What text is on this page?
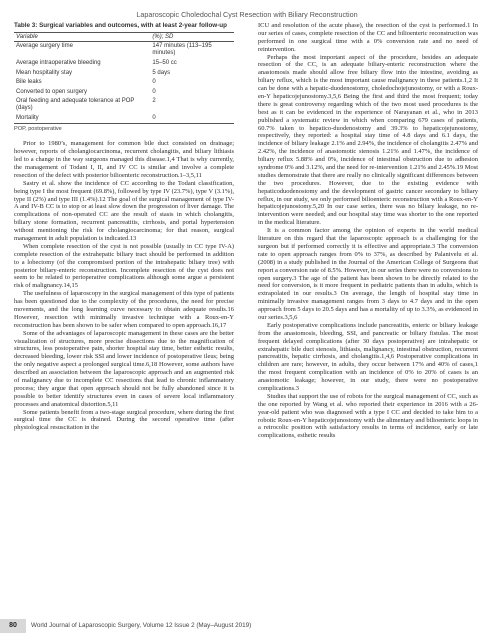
Laparoscopic Choledochal Cyst Resection with Biliary Reconstruction
Table 3: Surgical variables and outcomes, with at least 2-year follow-up
Variable	(%); SD
Average surgery time	147 minutes (113–195 minutes)
Average intraoperative bleeding	15–50 cc
Mean hospitality stay	5 days
Bile leaks	0
Converted to open surgery	0
Oral feeding and adequate tolerance at POP (days)	2
Mortality	0
POP, postoperative

Prior to 1980’s, management for common bile duct consisted on drainage; however, reports of cholangiocarcinoma, recurrent cholangitis, and biliary lithiasis led to a change in the way surgeons managed this disease.1,4 That is why currently, the management of Todani I, II, and IV CC is similar and involve a complete resection of the defect with posterior bilioenteric reconstruction.1–3,5,11

Sastry et al. show the incidence of CC according to the Todani classification, being type I the most frequent (69.8%), followed by type IV (23.7%), type V (3.1%), type II (2%) and type III (1.4%).12 The goal of the surgical management of type IV-A and IV-B CC is to stop or at least slow down the progression of liver damage. The complications of non-operated CC are the result of stasis in which cholangitis, biliary stone formation, recurrent pancreatitis, cirrhosis, and portal hypertension without mentioning the risk for cholangiocarcinoma; for that reason, surgical management in adult population is indicated.13

When complete resection of the cyst is not possible (usually in CC type IV-A) complete resection of the extrahepatic biliary tract should be performed in addition to a lobectomy (of the compromised portion of the intrahepatic biliary tree) with posterior biliary-enteric reconstruction. Incomplete resection of the cyst does not seem to be related to perioperative complications although some argue a persistent risk of malignancy.14,15

The usefulness of laparoscopy in the surgical management of this type of patients has been questioned due to the complexity of the procedures, the need for precise movements, and the long learning curve necessary to obtain adequate results.16 However, resection with minimally invasive technique with a Roux-en-Y reconstruction has been shown to be safer when compared to open approach.16,17

Some of the advantages of laparoscopic management in these cases are the better visualization of structures, more precise dissections due to the magnification of structures, less postoperative pain, shorter hospital stay time, better esthetic results, decreased bleeding, lower risk SSI and lower incidence of postoperative ileus; being the only negative aspect a prolonged surgical time.6,18 However, some authors have described an association between the laparoscopic approach and an augmented risk of malignancy due to incomplete CC resections that lead to chronic inflammatory process; they argue that open approach should not be fully abandoned since it is possible to better identify structures even in cases of severe local inflammatory processes and anatomical distortion.5,11

Some patients benefit from a two-stage surgical procedure, where during the first surgical time the CC is drained. During the second operative time (after physiological resuscitation in the

ICU and resolution of the acute phase), the resection of the cyst is performed.1 In our series of cases, complete resection of the CC and bilioenteric reconstruction was performed in one surgical time with a 0% conversion rate and no need of reintervention.

Perhaps the most important aspect of the procedure, besides an adequate resection of the CC, is an adequate biliary-enteric reconstruction where the anastomosis made should allow free biliary flow into the intestine, avoiding as biliary reflux, which is the most important cause malignancy in these patients.1,2 It can be done with a hepatic-duodenostomy, choledochojejunostomy, or with a Roux-en-Y hepaticojejunostomy.3,5,6 Being the first and third the most frequent; today there is great controversy regarding which of the two most used procedures is the best as it can be evidenced in the experience of Narayanan et al., who in 2013 published a systematic review in which when comparing 679 cases of patients, 60.7% taken to hepatico-duodenostomy and 39.3% to hepaticojejunostomy, respectively, they reported: a hospital stay time of 4.8 days and 6.1 days, the incidence of biliary leakage 2.1% and 2.94%, the incidence of cholangitis 2.47% and 2.42%, the incidence of anastomotic stenosis 1.21% and 1.47%, the incidence of biliary reflux 5.88% and 0%, incidence of intestinal obstruction due to adhesion syndrome 0% and 3.12%, and the need for re-intervention 1.21% and 2.45%.19 Most studies demonstrate that there are really no clinically significant differences between the two procedures. However, due to the existing evidence with hepaticoduodenostomy and the development of gastric cancer secondary to biliary reflux, in our study, we only performed bilioenteric reconstruction with a Roux-en-Y hepaticojejunostomy.5,20 In our case series, there was no biliary leakage, no re-intervention were needed; and our hospital stay time was shorter to the one reported in the medical literature.

It is a common factor among the opinion of experts in the world medical literature on this regard that the laparoscopic approach is a challenging for the surgeon but if performed correctly it is effective and appropriate.3 The conversion rate to open approach ranges from 0% to 37%, as described by Palanivelu et al. (2008) in a study published in the Journal of the American College of Surgeons that report a conversion rate of 8.5%. However, in our series there were no conversions to open surgery.3 The age of the patient has been shown to be directly related to the need for conversion, is it more frequent in pediatric patients than in adults, which is extrapolated in our results.3 On average, the length of hospital stay time in minimally invasive management ranges from 3 days to 4.7 days and in the open approach from 5 days to 20.5 days and has a mortality of up to 3.3%, as evidenced in our series.3,5,6

Early postoperative complications include pancreatitis, enteric or biliary leakage from the anastomosis, bleeding, SSI, and pancreatic or biliary fistulas. The most frequent delayed complications (after 30 days postoperative) are intrahepatic or extrahepatic bile duct stenosis, lithiasis, malignancy, intestinal obstruction, recurrent pancreatitis, hepatic cirrhosis, and cholangitis.1,4,6 Postoperative complications in children are rare; however, in adults, they occur between 17% and 40% of cases,1 the most frequent complication with an incidence of 0% to 20% of cases is an anastomotic leakage; however, in our study, there were no postoperative complications.3

Studies that support the use of robots for the surgical management of CC, such as the one reported by Wang et al. who reported their experience in 2016 with a 26-year-old patient who was diagnosed with a type I CC and decided to take him to a robotic Roux-en-Y hepaticojejunostomy with the alimentary and bilioenteric loops in a retrocolic position with satisfactory results in terms of incidence, early or late complications, esthetic results

80	World Journal of Laparoscopic Surgery, Volume 12 Issue 2 (May–August 2019)
